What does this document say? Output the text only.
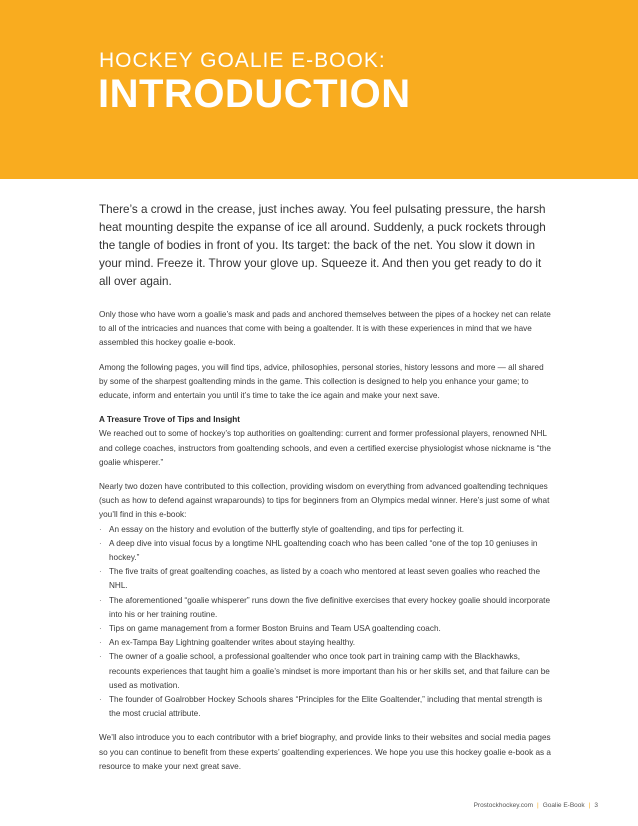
HOCKEY GOALIE E-BOOK:
INTRODUCTION

There’s a crowd in the crease, just inches away. You feel pulsating pressure, the harsh heat mounting despite the expanse of ice all around. Suddenly, a puck rockets through the tangle of bodies in front of you. Its target: the back of the net. You slow it down in your mind. Freeze it. Throw your glove up. Squeeze it. And then you get ready to do it all over again.

Only those who have worn a goalie’s mask and pads and anchored themselves between the pipes of a hockey net can relate to all of the intricacies and nuances that come with being a goaltender. It is with these experiences in mind that we have assembled this hockey goalie e-book.

Among the following pages, you will find tips, advice, philosophies, personal stories, history lessons and more — all shared by some of the sharpest goaltending minds in the game. This collection is designed to help you enhance your game; to educate, inform and entertain you until it’s time to take the ice again and make your next save.

A Treasure Trove of Tips and Insight

We reached out to some of hockey’s top authorities on goaltending: current and former professional players, renowned NHL and college coaches, instructors from goaltending schools, and even a certified exercise physiologist whose nickname is “the goalie whisperer.”

Nearly two dozen have contributed to this collection, providing wisdom on everything from advanced goaltending techniques (such as how to defend against wraparounds) to tips for beginners from an Olympics medal winner. Here’s just some of what you’ll find in this e-book:

· An essay on the history and evolution of the butterfly style of goaltending, and tips for perfecting it.
· A deep dive into visual focus by a longtime NHL goaltending coach who has been called “one of the top 10 geniuses in hockey.”
· The five traits of great goaltending coaches, as listed by a coach who mentored at least seven goalies who reached the NHL.
· The aforementioned “goalie whisperer” runs down the five definitive exercises that every hockey goalie should incorporate into his or her training routine.
· Tips on game management from a former Boston Bruins and Team USA goaltending coach.
· An ex-Tampa Bay Lightning goaltender writes about staying healthy.
· The owner of a goalie school, a professional goaltender who once took part in training camp with the Blackhawks, recounts experiences that taught him a goalie’s mindset is more important than his or her skills set, and that failure can be used as motivation.
· The founder of Goalrobber Hockey Schools shares “Principles for the Elite Goaltender,” including that mental strength is the most crucial attribute.

We’ll also introduce you to each contributor with a brief biography, and provide links to their websites and social media pages so you can continue to benefit from these experts’ goaltending experiences. We hope you use this hockey goalie e-book as a resource to make your next great save.

Prostockhockey.com | Goalie E-Book | 3
